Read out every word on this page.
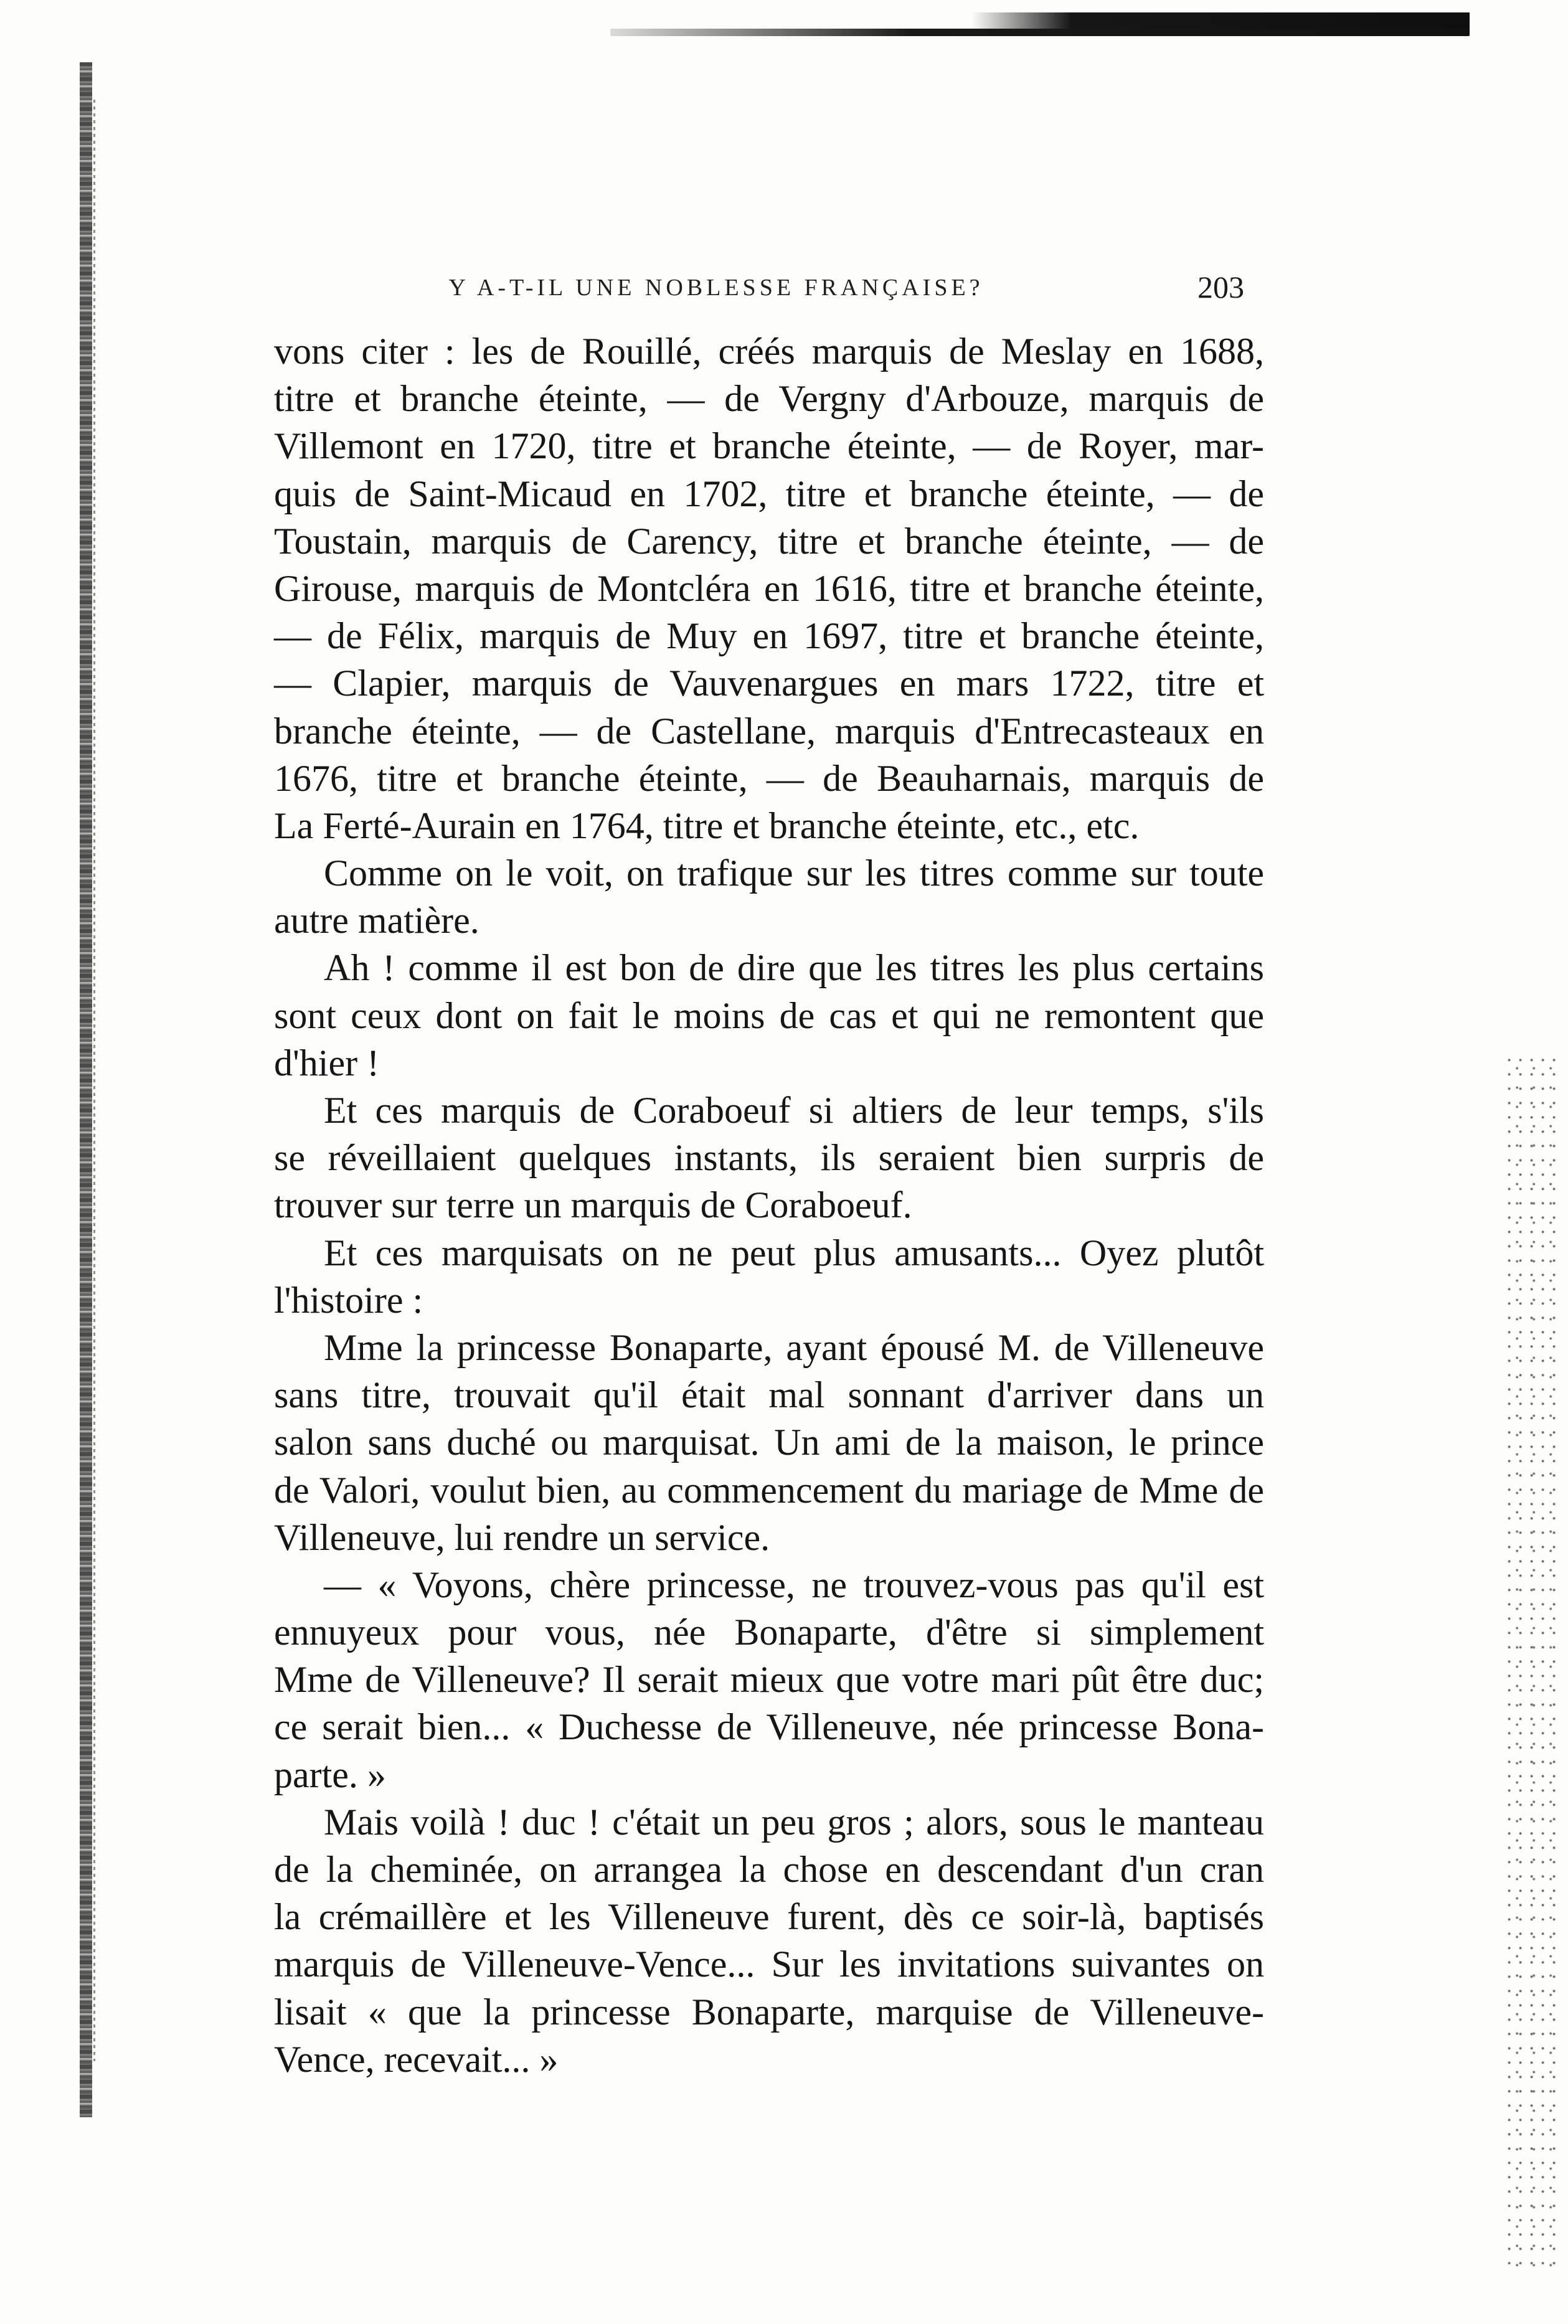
Y A-T-IL UNE NOBLESSE FRANÇAISE?	203
vons citer : les de Rouillé, créés marquis de Meslay en 1688,
titre et branche éteinte, — de Vergny d'Arbouze, marquis de
Villemont en 1720, titre et branche éteinte, — de Royer, mar-
quis de Saint-Micaud en 1702, titre et branche éteinte, — de
Toustain, marquis de Carency, titre et branche éteinte, — de
Girouse, marquis de Montcléra en 1616, titre et branche éteinte,
— de Félix, marquis de Muy en 1697, titre et branche éteinte,
— Clapier, marquis de Vauvenargues en mars 1722, titre et
branche éteinte, — de Castellane, marquis d'Entrecasteaux en
1676, titre et branche éteinte, — de Beauharnais, marquis de
La Ferté-Aurain en 1764, titre et branche éteinte, etc., etc.
Comme on le voit, on trafique sur les titres comme sur toute
autre matière.
Ah ! comme il est bon de dire que les titres les plus certains
sont ceux dont on fait le moins de cas et qui ne remontent que
d'hier !
Et ces marquis de Coraboeuf si altiers de leur temps, s'ils
se réveillaient quelques instants, ils seraient bien surpris de
trouver sur terre un marquis de Coraboeuf.
Et ces marquisats on ne peut plus amusants... Oyez plutôt
l'histoire :
Mme la princesse Bonaparte, ayant épousé M. de Villeneuve
sans titre, trouvait qu'il était mal sonnant d'arriver dans un
salon sans duché ou marquisat. Un ami de la maison, le prince
de Valori, voulut bien, au commencement du mariage de Mme de
Villeneuve, lui rendre un service.
— « Voyons, chère princesse, ne trouvez-vous pas qu'il est
ennuyeux pour vous, née Bonaparte, d'être si simplement
Mme de Villeneuve? Il serait mieux que votre mari pût être duc;
ce serait bien... « Duchesse de Villeneuve, née princesse Bona-
parte. »
Mais voilà ! duc ! c'était un peu gros ; alors, sous le manteau
de la cheminée, on arrangea la chose en descendant d'un cran
la crémaillère et les Villeneuve furent, dès ce soir-là, baptisés
marquis de Villeneuve-Vence... Sur les invitations suivantes on
lisait « que la princesse Bonaparte, marquise de Villeneuve-
Vence, recevait... »
